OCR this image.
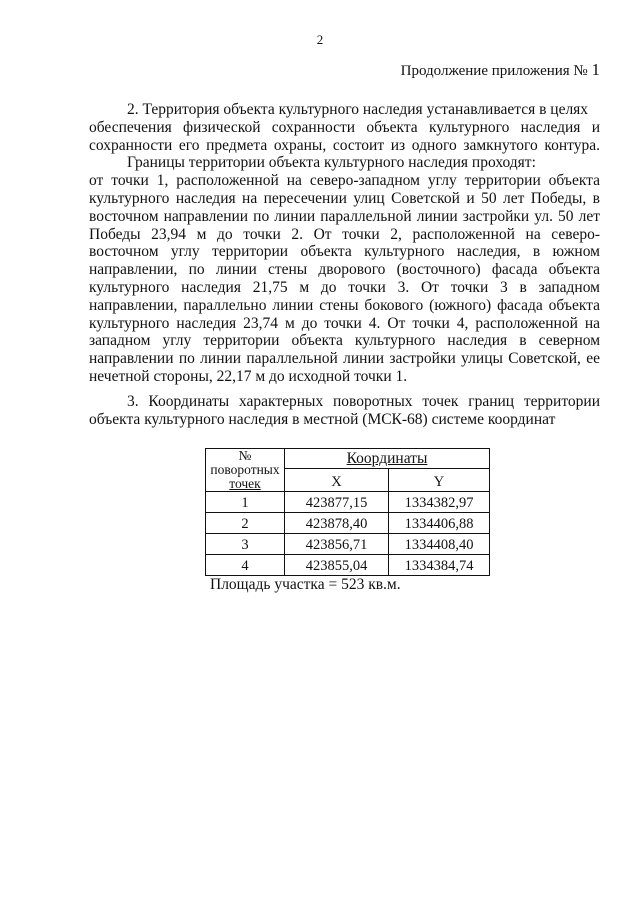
2
Продолжение приложения № 1
2. Территория объекта культурного наследия устанавливается в целях
обеспечения физической сохранности объекта культурного наследия и
сохранности его предмета охраны, состоит из одного замкнутого контура.
Границы территории объекта культурного наследия проходят:
от точки 1, расположенной на северо-западном углу территории объекта
культурного наследия на пересечении улиц Советской и 50 лет Победы, в
восточном направлении по линии параллельной линии застройки ул. 50 лет
Победы 23,94 м до точки 2. От точки 2, расположенной на северо-
восточном углу территории объекта культурного наследия, в южном
направлении, по линии стены дворового (восточного) фасада объекта
культурного наследия 21,75 м до точки 3. От точки 3 в западном
направлении, параллельно линии стены бокового (южного) фасада объекта
культурного наследия 23,74 м до точки 4. От точки 4, расположенной на
западном углу территории объекта культурного наследия в северном
направлении по линии параллельной линии застройки улицы Советской, ее
нечетной стороны, 22,17 м до исходной точки 1.
3. Координаты характерных поворотных точек границ территории
объекта культурного наследия в местной (МСК-68) системе координат
№
поворотных
точек	Координаты	
	X	Y
1	423877,15	1334382,97
2	423878,40	1334406,88
3	423856,71	1334408,40
4	423855,04	1334384,74
Площадь участка = 523 кв.м.
